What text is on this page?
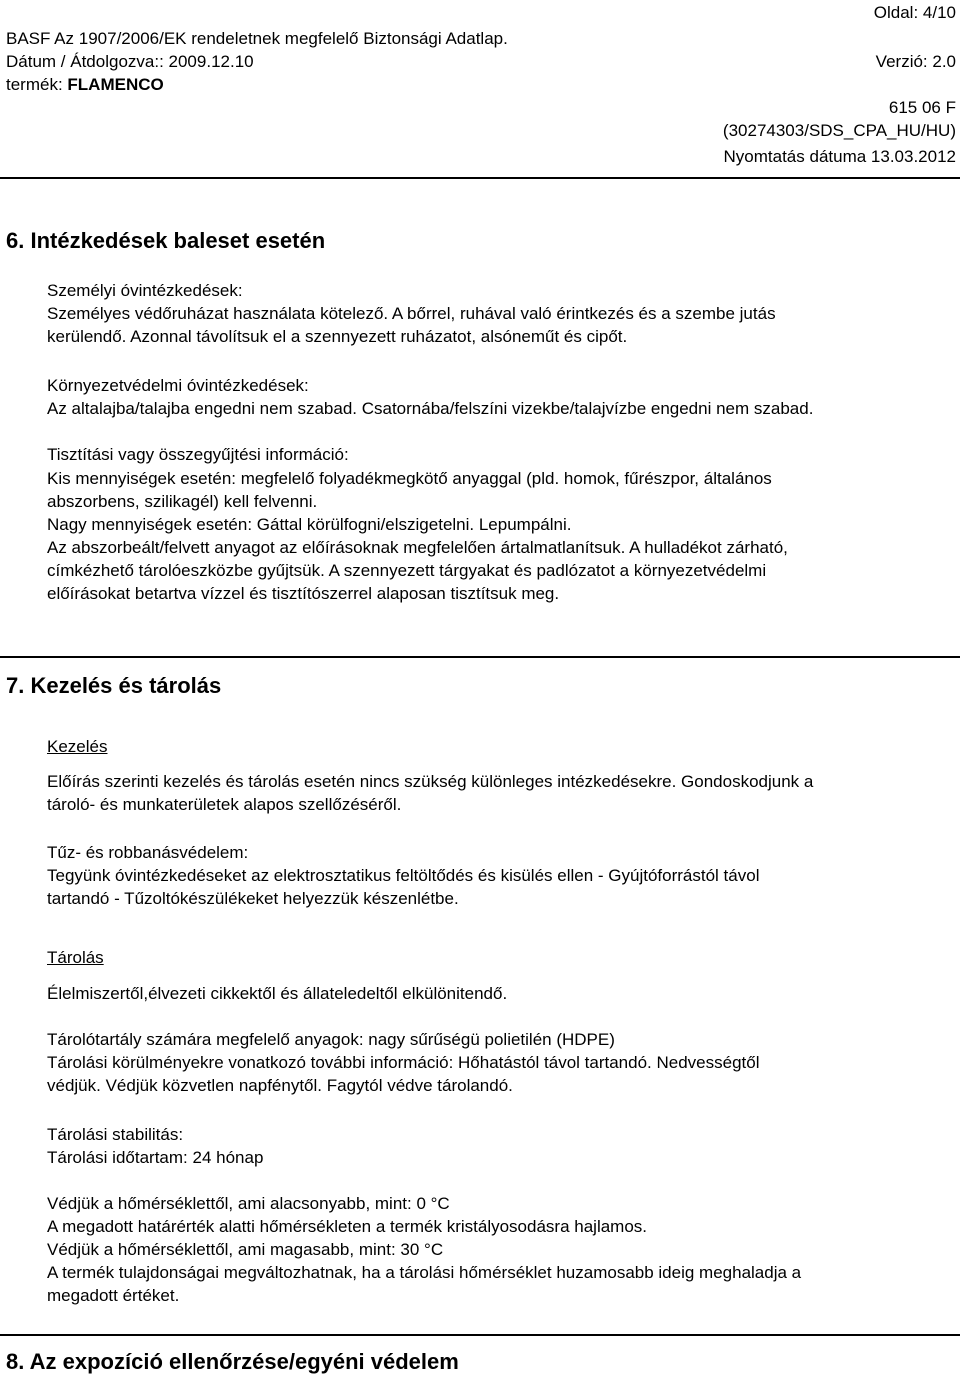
Oldal: 4/10
BASF Az 1907/2006/EK rendeletnek megfelelő Biztonsági Adatlap.
Dátum / Átdolgozva:: 2009.12.10	Verzió: 2.0
termék: FLAMENCO
615 06 F
(30274303/SDS_CPA_HU/HU)
Nyomtatás dátuma 13.03.2012
6. Intézkedések baleset esetén
Személyi óvintézkedések:
Személyes védőruházat használata kötelező. A bőrrel, ruhával való érintkezés és a szembe jutás
kerülendő. Azonnal távolítsuk el a szennyezett ruházatot, alsóneműt és cipőt.
Környezetvédelmi óvintézkedések:
Az altalajba/talajba engedni nem szabad. Csatornába/felszíni vizekbe/talajvízbe engedni nem szabad.
Tisztítási vagy összegyűjtési információ:
Kis mennyiségek esetén: megfelelő folyadékmegkötő anyaggal (pld. homok, fűrészpor, általános
abszorbens, szilikagél) kell felvenni.
Nagy mennyiségek esetén: Gáttal körülfogni/elszigetelni. Lepumpálni.
Az abszorbeált/felvett anyagot az előírásoknak megfelelően ártalmatlanítsuk. A hulladékot zárható,
címkézhető tárolóeszközbe gyűjtsük. A szennyezett tárgyakat és padlózatot a környezetvédelmi
előírásokat betartva vízzel és tisztítószerrel alaposan tisztítsuk meg.
7. Kezelés és tárolás
Kezelés
Előírás szerinti kezelés és tárolás esetén nincs szükség különleges intézkedésekre. Gondoskodjunk a
tároló- és munkaterületek alapos szellőzéséről.
Tűz- és robbanásvédelem:
Tegyünk óvintézkedéseket az elektrosztatikus feltöltődés és kisülés ellen - Gyújtóforrástól távol
tartandó - Tűzoltókészülékeket helyezzük készenlétbe.
Tárolás
Élelmiszertől,élvezeti cikkektől és állateledeltől elkülönitendő.
Tárolótartály számára megfelelő anyagok: nagy sűrűségü polietilén (HDPE)
Tárolási körülményekre vonatkozó további információ: Hőhatástól távol tartandó. Nedvességtől
védjük. Védjük közvetlen napfénytől. Fagytól védve tárolandó.
Tárolási stabilitás:
Tárolási időtartam: 24 hónap
Védjük a hőmérséklettől, ami alacsonyabb, mint: 0 °C
A megadott határérték alatti hőmérsékleten a termék kristályosodásra hajlamos.
Védjük a hőmérséklettől, ami magasabb, mint: 30 °C
A termék tulajdonságai megváltozhatnak, ha a tárolási hőmérséklet huzamosabb ideig meghaladja a
megadott értéket.
8. Az expozíció ellenőrzése/egyéni védelem
